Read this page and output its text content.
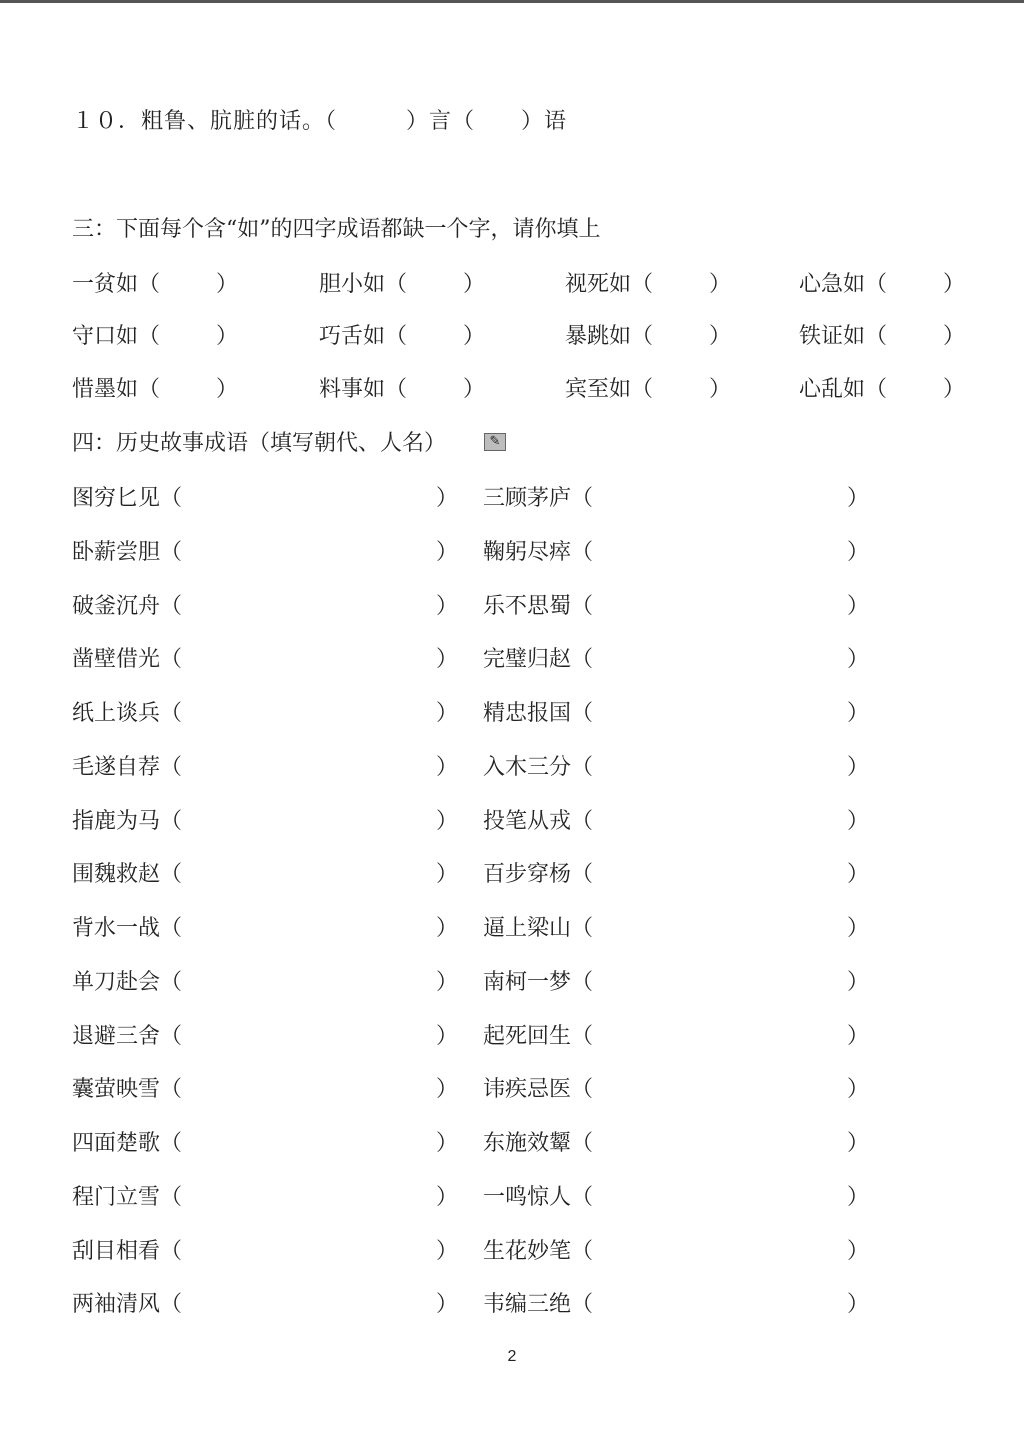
１０．粗鲁、肮脏的话。（　　　）言（　　）语
三：下面每个含“如”的四字成语都缺一个字，请你填上
一贫如（	）	胆小如（	）	视死如（	）	心急如（	）
守口如（	）	巧舌如（	）	暴跳如（	）	铁证如（	）
惜墨如（	）	料事如（	）	宾至如（	）	心乱如（	）
四：历史故事成语（填写朝代、人名）	✎
图穷匕见（	） 三顾茅庐（	）
卧薪尝胆（	） 鞠躬尽瘁（	）
破釜沉舟（	） 乐不思蜀（	）
凿壁借光（	） 完璧归赵（	）
纸上谈兵（	） 精忠报国（	）
毛遂自荐（	） 入木三分（	）
指鹿为马（	） 投笔从戎（	）
围魏救赵（	） 百步穿杨（	）
背水一战（	） 逼上梁山（	）
单刀赴会（	） 南柯一梦（	）
退避三舍（	） 起死回生（	）
囊萤映雪（	） 讳疾忌医（	）
四面楚歌（	） 东施效颦（	）
程门立雪（	） 一鸣惊人（	）
刮目相看（	） 生花妙笔（	）
两袖清风（	） 韦编三绝（	）
2
